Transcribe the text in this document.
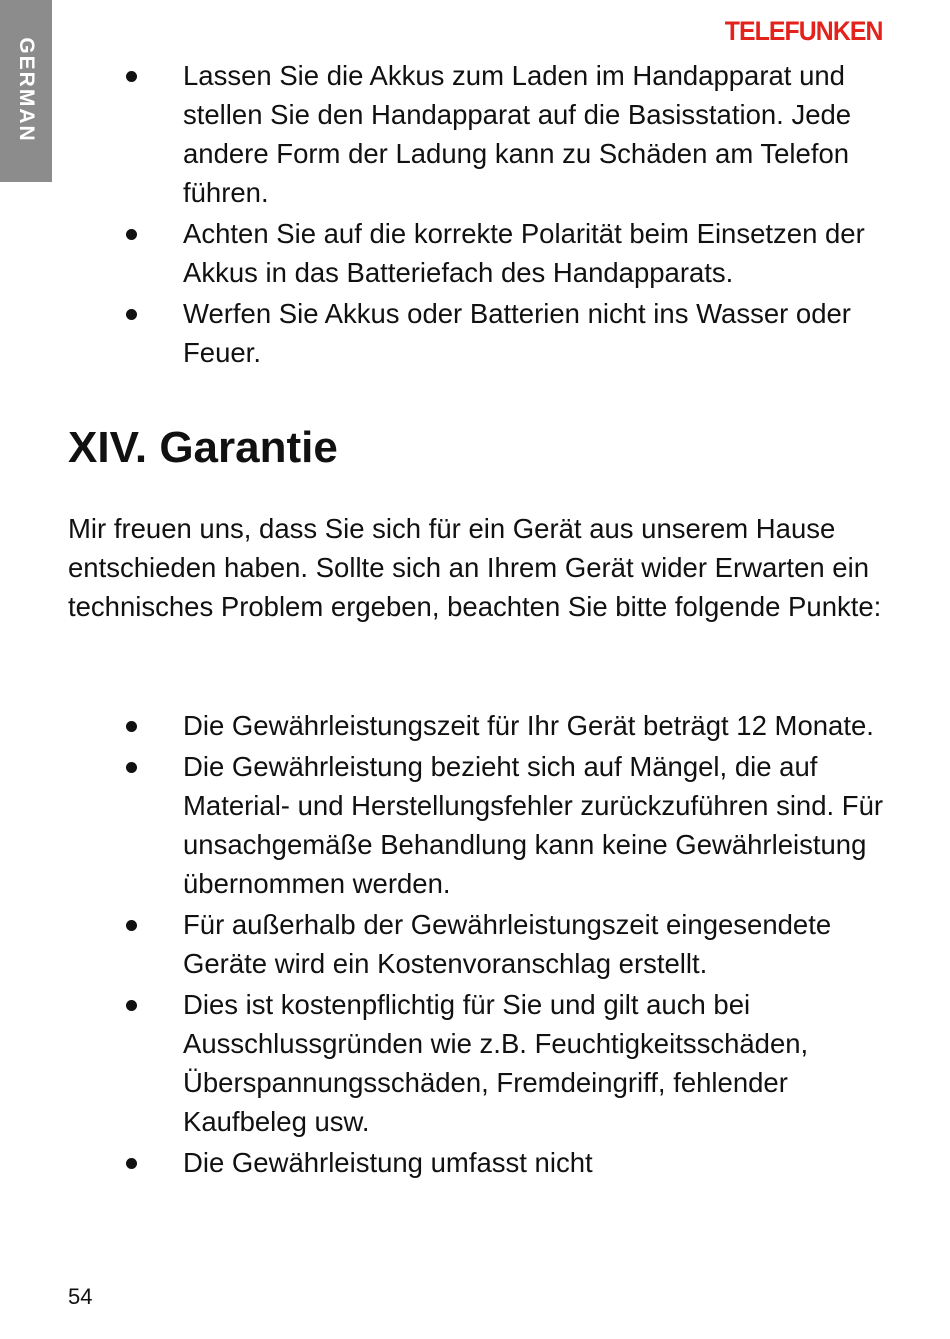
GERMAN
TELEFUNKEN
Lassen Sie die Akkus zum Laden im Handapparat und stellen Sie den Handapparat auf die Basisstation. Jede andere Form der Ladung kann zu Schäden am Telefon führen.
Achten Sie auf die korrekte Polarität beim Einsetzen der Akkus in das Batteriefach des Handapparats.
Werfen Sie Akkus oder Batterien nicht ins Wasser oder Feuer.
XIV. Garantie

Mir freuen uns, dass Sie sich für ein Gerät aus unserem Hause entschieden haben. Sollte sich an Ihrem Gerät wider Erwarten ein technisches Problem ergeben, beachten Sie bitte folgende Punkte:

Die Gewährleistungszeit für Ihr Gerät beträgt 12 Monate.
Die Gewährleistung bezieht sich auf Mängel, die auf Material- und Herstellungsfehler zurückzuführen sind. Für unsachgemäße Behandlung kann keine Gewährleistung übernommen werden.
Für außerhalb der Gewährleistungszeit eingesendete Geräte wird ein Kostenvoranschlag erstellt.
Dies ist kostenpflichtig für Sie und gilt auch bei Ausschlussgründen wie z.B. Feuchtigkeitsschäden, Überspannungsschäden, Fremdeingriff, fehlender Kaufbeleg usw.
Die Gewährleistung umfasst nicht
54
